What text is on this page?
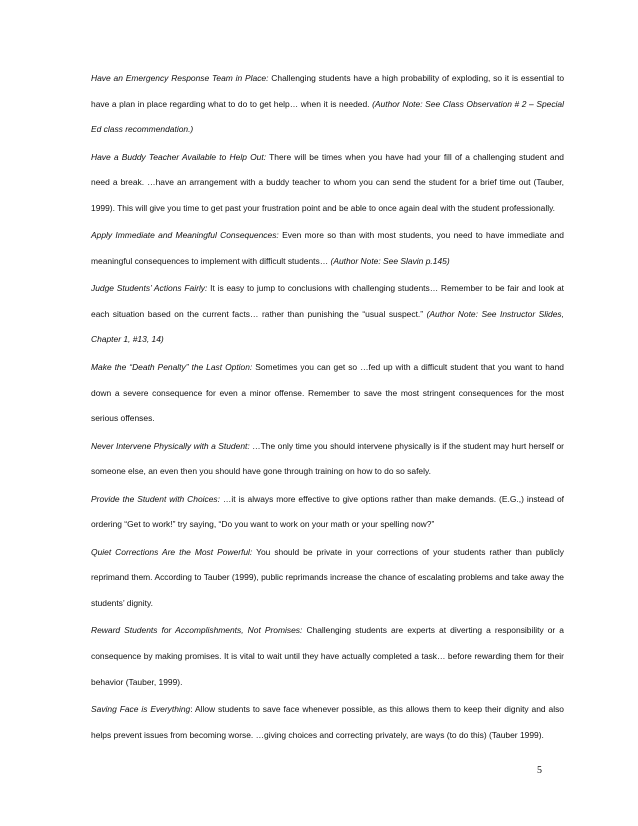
Have an Emergency Response Team in Place: Challenging students have a high probability of exploding, so it is essential to have a plan in place regarding what to do to get help… when it is needed. (Author Note: See Class Observation # 2 – Special Ed class recommendation.)

Have a Buddy Teacher Available to Help Out: There will be times when you have had your fill of a challenging student and need a break. …have an arrangement with a buddy teacher to whom you can send the student for a brief time out (Tauber, 1999). This will give you time to get past your frustration point and be able to once again deal with the student professionally.

Apply Immediate and Meaningful Consequences: Even more so than with most students, you need to have immediate and meaningful consequences to implement with difficult students… (Author Note: See Slavin p.145)

Judge Students’ Actions Fairly: It is easy to jump to conclusions with challenging students… Remember to be fair and look at each situation based on the current facts… rather than punishing the “usual suspect.” (Author Note: See Instructor Slides, Chapter 1, #13, 14)

Make the “Death Penalty” the Last Option: Sometimes you can get so …fed up with a difficult student that you want to hand down a severe consequence for even a minor offense. Remember to save the most stringent consequences for the most serious offenses.

Never Intervene Physically with a Student: …The only time you should intervene physically is if the student may hurt herself or someone else, an even then you should have gone through training on how to do so safely.

Provide the Student with Choices: …it is always more effective to give options rather than make demands. (E.G.,) instead of ordering “Get to work!” try saying, “Do you want to work on your math or your spelling now?”

Quiet Corrections Are the Most Powerful: You should be private in your corrections of your students rather than publicly reprimand them. According to Tauber (1999), public reprimands increase the chance of escalating problems and take away the students’ dignity.

Reward Students for Accomplishments, Not Promises: Challenging students are experts at diverting a responsibility or a consequence by making promises. It is vital to wait until they have actually completed a task… before rewarding them for their behavior (Tauber, 1999).

Saving Face is Everything: Allow students to save face whenever possible, as this allows them to keep their dignity and also helps prevent issues from becoming worse. …giving choices and correcting privately, are ways (to do this) (Tauber 1999).

5
